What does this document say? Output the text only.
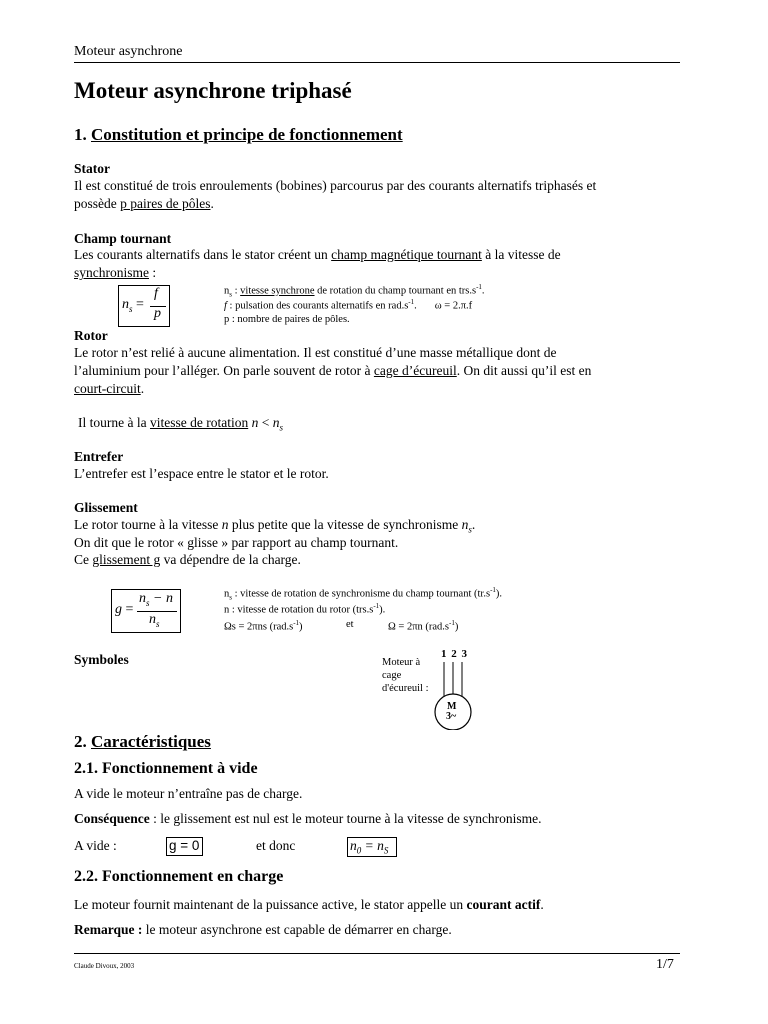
Moteur asynchrone
Moteur asynchrone triphasé
1. Constitution et principe de fonctionnement
Stator
Il est constitué de trois enroulements (bobines) parcourus par des courants alternatifs triphasés et
possède p paires de pôles.
Champ tournant
Les courants alternatifs dans le stator créent un champ magnétique tournant à la vitesse de
synchronisme :
$n_s$ =
f
p
$n_s$ : vitesse synchrone de rotation du champ tournant en $trs.s^{-1}$.
f : pulsation des courants alternatifs en $rad.s^{-1}$. ω = 2.π.f
p : nombre de paires de pôles.
Rotor
Le rotor n’est relié à aucune alimentation. Il est constitué d’une masse métallique dont de
l’aluminium pour l’alléger. On parle souvent de rotor à cage d’écureuil. On dit aussi qu’il est en
court-circuit.
Il tourne à la vitesse de rotation $n < n_s$
Entrefer
L’entrefer est l’espace entre le stator et le rotor.
Glissement
Le rotor tourne à la vitesse n plus petite que la vitesse de synchronisme $n_s$.
On dit que le rotor « glisse » par rapport au champ tournant.
Ce glissement g va dépendre de la charge.
g =
$n_s - n$
$n_s$
$n_s$ : vitesse de rotation de synchronisme du champ tournant $(tr.s^{-1})$.
n : vitesse de rotation du rotor $(trs.s^{-1})$.
Ωs = 2πns $(rad.s^{-1})$	et	Ω = 2πn $(rad.s^{-1})$
Symboles	Moteur à
cage
d'écureuil :
1 2 3
M
3~
2. Caractéristiques
2.1. Fonctionnement à vide
A vide le moteur n’entraîne pas de charge.
Conséquence : le glissement est nul est le moteur tourne à la vitesse de synchronisme.
A vide :	g = 0	et donc	$n_0 = n_S$
2.2. Fonctionnement en charge
Le moteur fournit maintenant de la puissance active, le stator appelle un courant actif.
Remarque : le moteur asynchrone est capable de démarrer en charge.
Claude Divoux, 2003	1/7
